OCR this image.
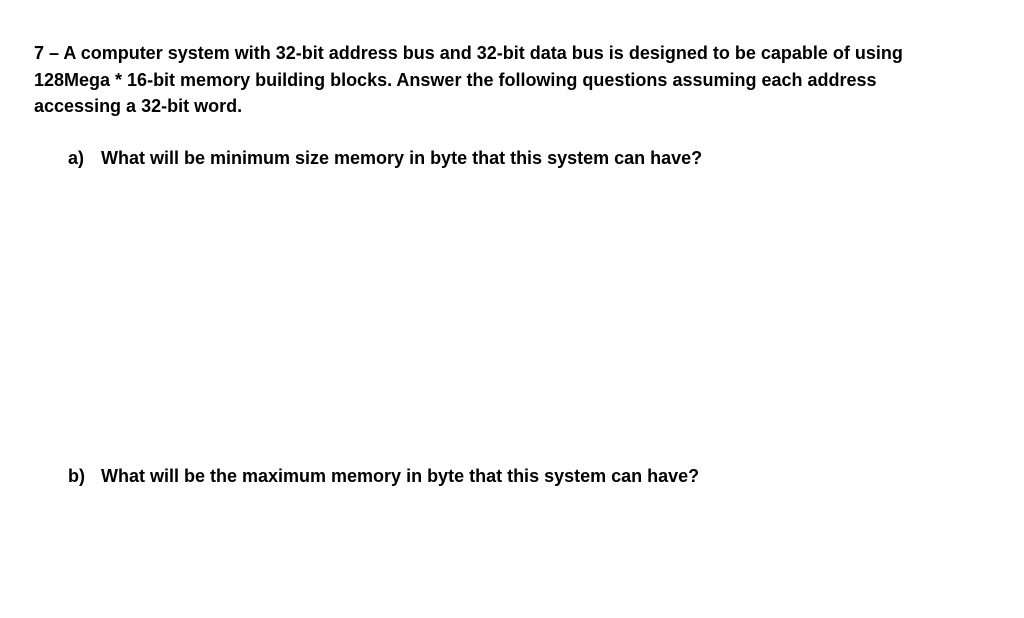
7 – A computer system with 32-bit address bus and 32-bit data bus is designed to be capable of using
128Mega * 16-bit memory building blocks. Answer the following questions assuming each address
accessing a 32-bit word.

a) What will be minimum size memory in byte that this system can have?

b) What will be the maximum memory in byte that this system can have?
